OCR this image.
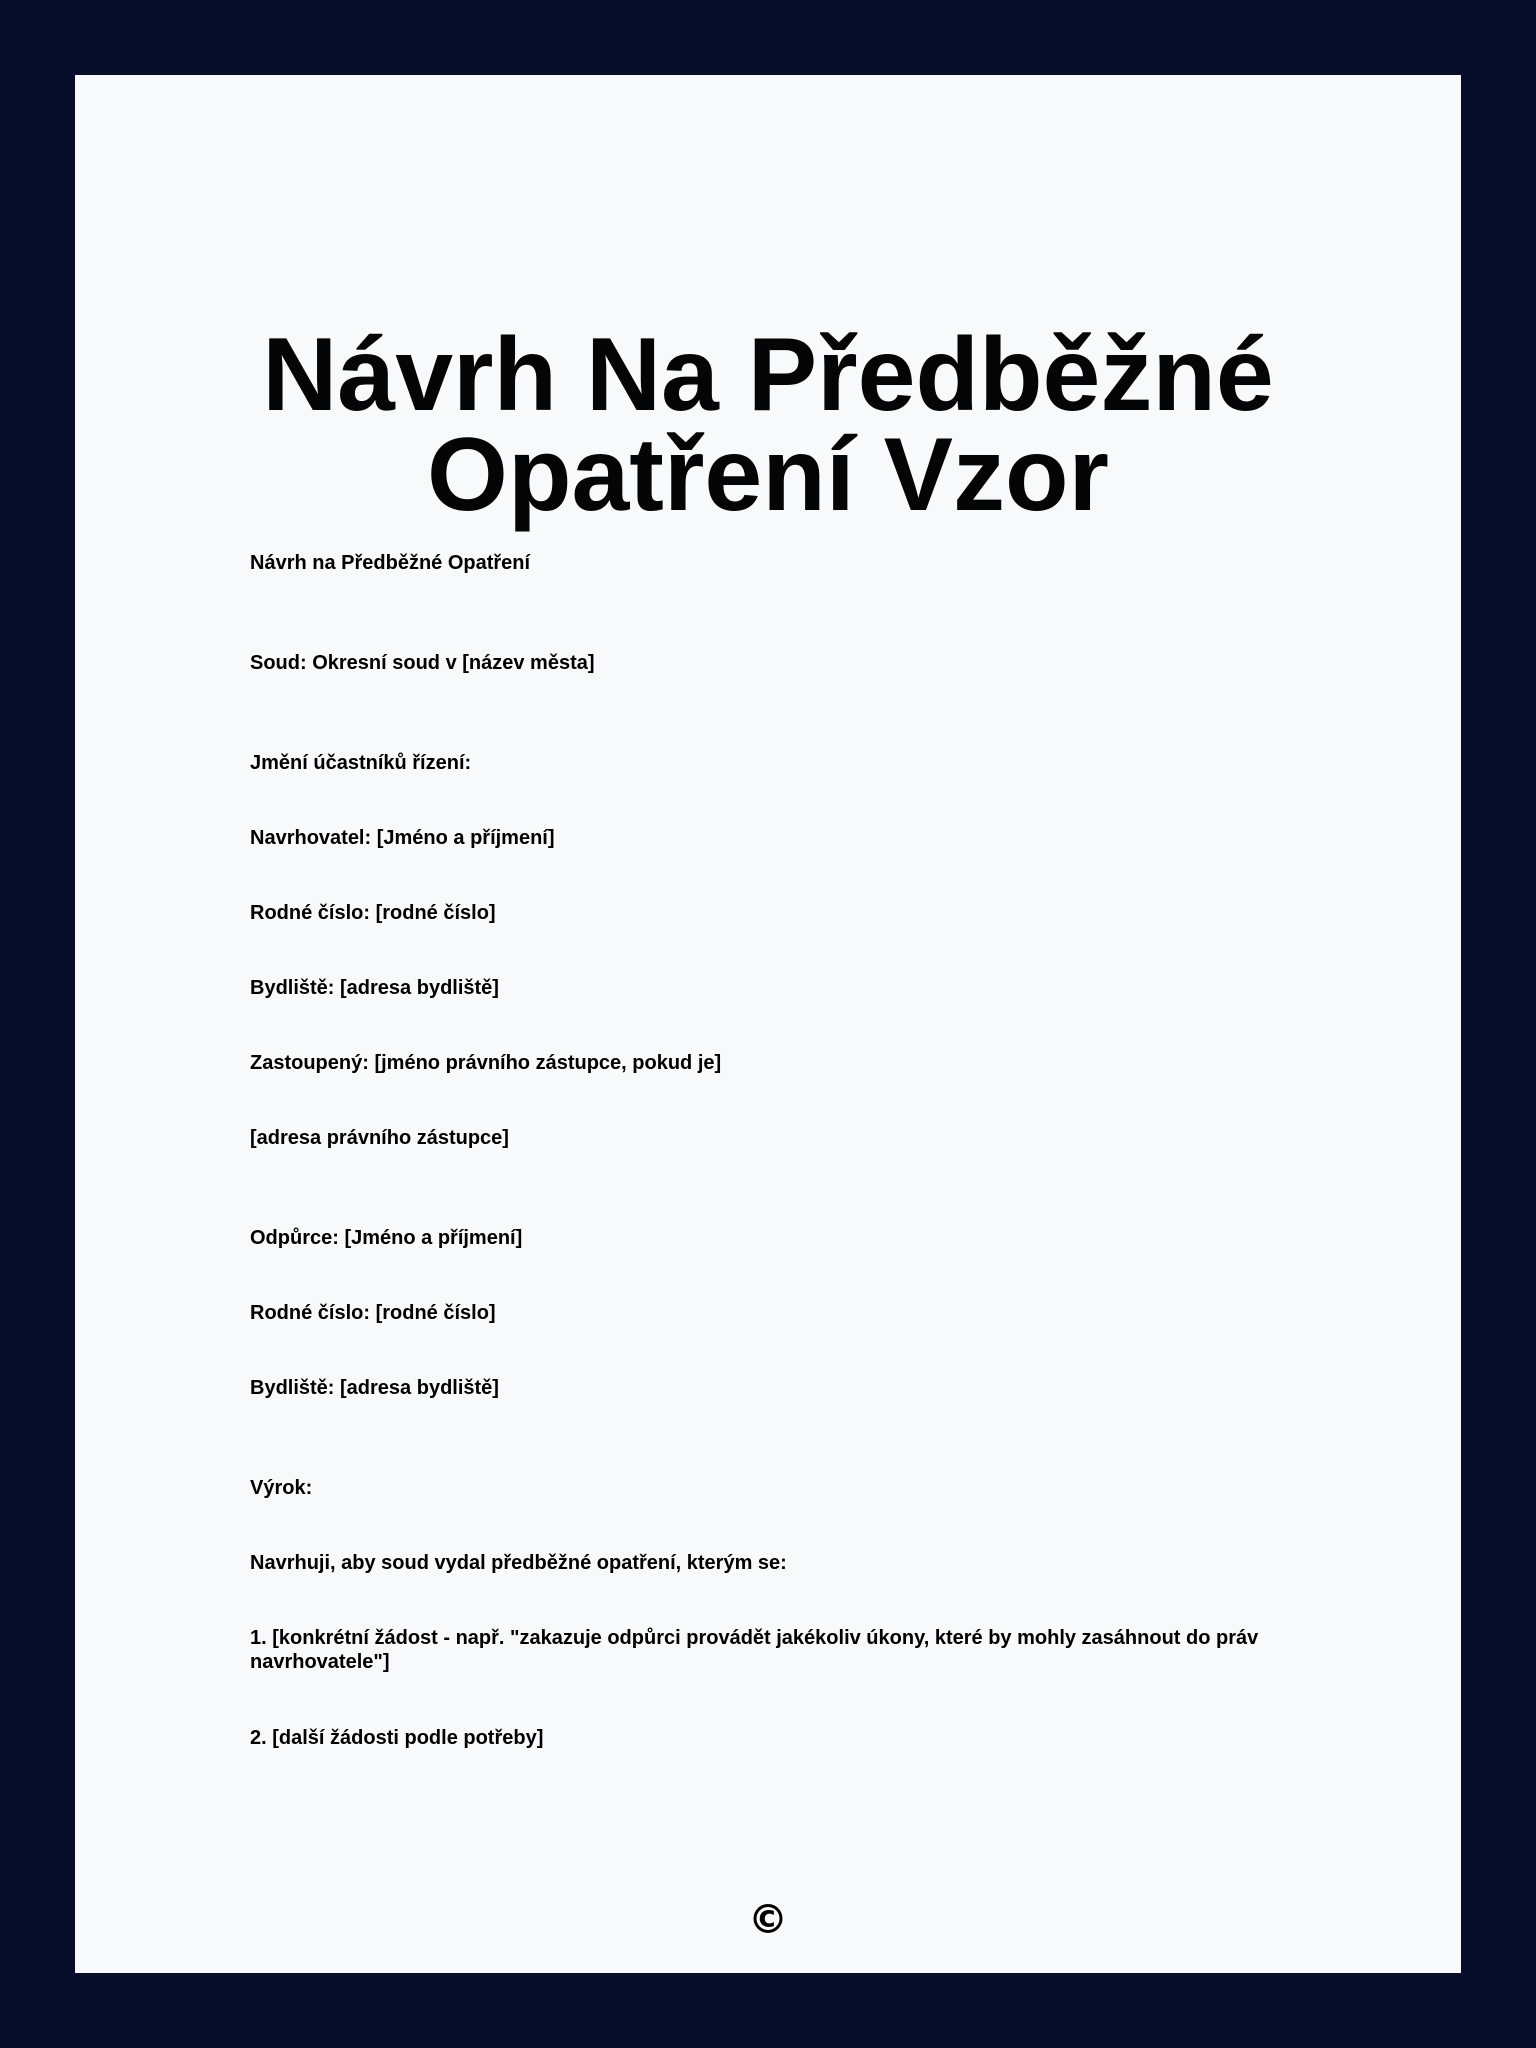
Návrh Na Předběžné Opatření Vzor

Návrh na Předběžné Opatření

Soud: Okresní soud v [název města]

Jmění účastníků řízení:

Navrhovatel: [Jméno a příjmení]

Rodné číslo: [rodné číslo]

Bydliště: [adresa bydliště]

Zastoupený: [jméno právního zástupce, pokud je]

[adresa právního zástupce]

Odpůrce: [Jméno a příjmení]

Rodné číslo: [rodné číslo]

Bydliště: [adresa bydliště]

Výrok:

Navrhuji, aby soud vydal předběžné opatření, kterým se:

1. [konkrétní žádost - např. "zakazuje odpůrci provádět jakékoliv úkony, které by mohly zasáhnout do práv navrhovatele"]

2. [další žádosti podle potřeby]

©
